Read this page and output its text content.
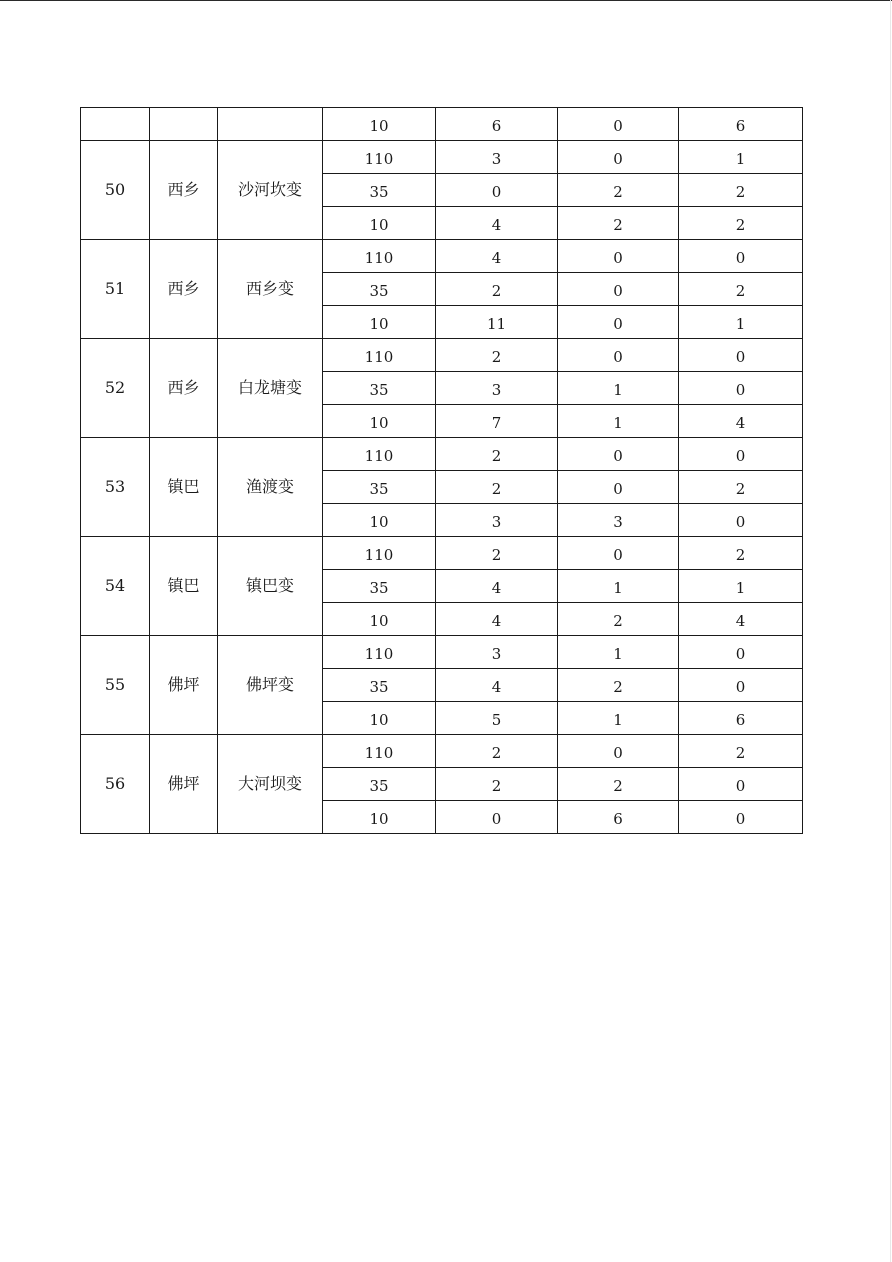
			10	6	0	6
50	西乡	沙河坎变	110	3	0	1
			35	0	2	2
			10	4	2	2
51	西乡	西乡变	110	4	0	0
			35	2	0	2
			10	11	0	1
52	西乡	白龙塘变	110	2	0	0
			35	3	1	0
			10	7	1	4
53	镇巴	渔渡变	110	2	0	0
			35	2	0	2
			10	3	3	0
54	镇巴	镇巴变	110	2	0	2
			35	4	1	1
			10	4	2	4
55	佛坪	佛坪变	110	3	1	0
			35	4	2	0
			10	5	1	6
56	佛坪	大河坝变	110	2	0	2
			35	2	2	0
			10	0	6	0
